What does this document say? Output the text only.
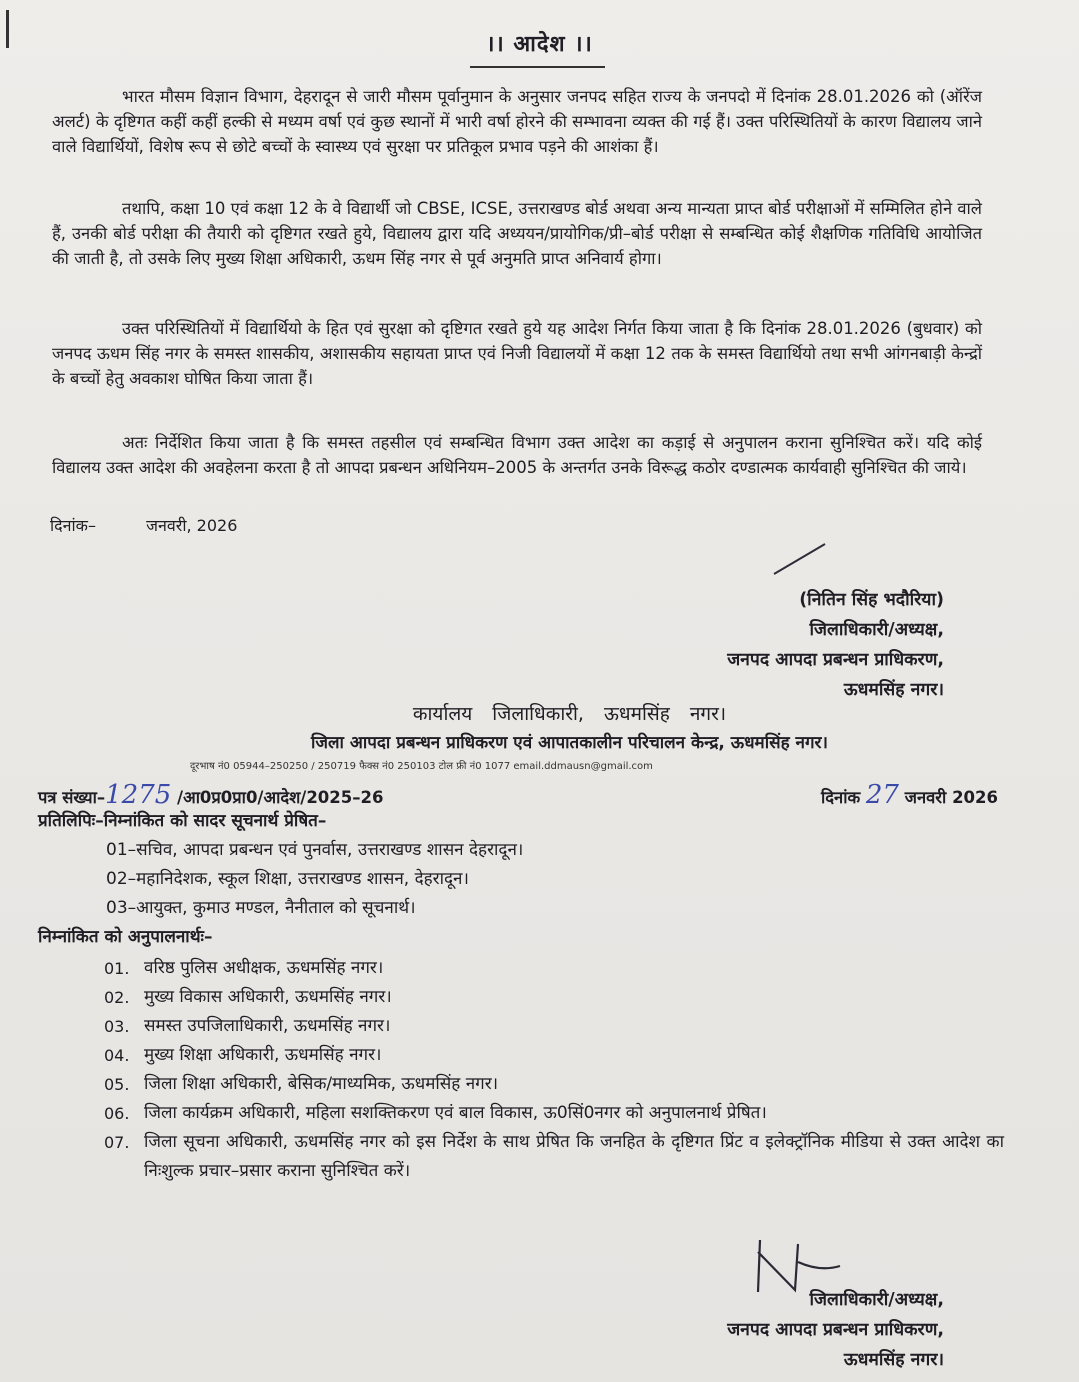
।। आदेश ।।

भारत मौसम विज्ञान विभाग, देहरादून से जारी मौसम पूर्वानुमान के अनुसार जनपद सहित राज्य के जनपदो में दिनांक 28.01.2026 को (ऑरेंज अलर्ट) के दृष्टिगत कहीं कहीं हल्की से मध्यम वर्षा एवं कुछ स्थानों में भारी वर्षा होरने की सम्भावना व्यक्त की गई हैं। उक्त परिस्थितियों के कारण विद्यालय जाने वाले विद्यार्थियों, विशेष रूप से छोटे बच्चों के स्वास्थ्य एवं सुरक्षा पर प्रतिकूल प्रभाव पड़ने की आशंका हैं।

तथापि, कक्षा 10 एवं कक्षा 12 के वे विद्यार्थी जो CBSE, ICSE, उत्तराखण्ड बोर्ड अथवा अन्य मान्यता प्राप्त बोर्ड परीक्षाओं में सम्मिलित होने वाले हैं, उनकी बोर्ड परीक्षा की तैयारी को दृष्टिगत रखते हुये, विद्यालय द्वारा यदि अध्ययन/प्रायोगिक/प्री–बोर्ड परीक्षा से सम्बन्धित कोई शैक्षणिक गतिविधि आयोजित की जाती है, तो उसके लिए मुख्य शिक्षा अधिकारी, ऊधम सिंह नगर से पूर्व अनुमति प्राप्त अनिवार्य होगा।

उक्त परिस्थितियों में विद्यार्थियो के हित एवं सुरक्षा को दृष्टिगत रखते हुये यह आदेश निर्गत किया जाता है कि दिनांक 28.01.2026 (बुधवार) को जनपद ऊधम सिंह नगर के समस्त शासकीय, अशासकीय सहायता प्राप्त एवं निजी विद्यालयों में कक्षा 12 तक के समस्त विद्यार्थियो तथा सभी आंगनबाड़ी केन्द्रों के बच्चों हेतु अवकाश घोषित किया जाता हैं।

अतः निर्देशित किया जाता है कि समस्त तहसील एवं सम्बन्धित विभाग उक्त आदेश का कड़ाई से अनुपालन कराना सुनिश्चित करें। यदि कोई विद्यालय उक्त आदेश की अवहेलना करता है तो आपदा प्रबन्धन अधिनियम–2005 के अन्तर्गत उनके विरूद्ध कठोर दण्डात्मक कार्यवाही सुनिश्चित की जाये।

दिनांक–	जनवरी, 2026
(नितिन सिंह भदौरिया)
जिलाधिकारी/अध्यक्ष,
जनपद आपदा प्रबन्धन प्राधिकरण,
ऊधमसिंह नगर।
कार्यालय जिलाधिकारी, ऊधमसिंह नगर।
जिला आपदा प्रबन्धन प्राधिकरण एवं आपातकालीन परिचालन केन्द्र, ऊधमसिंह नगर।
दूरभाष नं0 05944–250250 / 250719 फैक्स नं0 250103 टोल फ्री नं0 1077 email.ddmausn@gmail.com
पत्र संख्या–1275 /आ0प्र0प्रा0/आदेश/2025–26	दिनांक 27 जनवरी 2026
प्रतिलिपिः–निम्नांकित को सादर सूचनार्थ प्रेषित–
01–सचिव, आपदा प्रबन्धन एवं पुनर्वास, उत्तराखण्ड शासन देहरादून।
02–महानिदेशक, स्कूल शिक्षा, उत्तराखण्ड शासन, देहरादून।
03–आयुक्त, कुमाउ मण्डल, नैनीताल को सूचनार्थ।
निम्नांकित को अनुपालनार्थः–
01. वरिष्ठ पुलिस अधीक्षक, ऊधमसिंह नगर।
02. मुख्य विकास अधिकारी, ऊधमसिंह नगर।
03. समस्त उपजिलाधिकारी, ऊधमसिंह नगर।
04. मुख्य शिक्षा अधिकारी, ऊधमसिंह नगर।
05. जिला शिक्षा अधिकारी, बेसिक/माध्यमिक, ऊधमसिंह नगर।
06. जिला कार्यक्रम अधिकारी, महिला सशक्तिकरण एवं बाल विकास, ऊ0सिं0नगर को अनुपालनार्थ प्रेषित।
07. जिला सूचना अधिकारी, ऊधमसिंह नगर को इस निर्देश के साथ प्रेषित कि जनहित के दृष्टिगत प्रिंट व इलेक्ट्रॉनिक मीडिया से उक्त आदेश का निःशुल्क प्रचार–प्रसार कराना सुनिश्चित करें।
जिलाधिकारी/अध्यक्ष,
जनपद आपदा प्रबन्धन प्राधिकरण,
ऊधमसिंह नगर।
